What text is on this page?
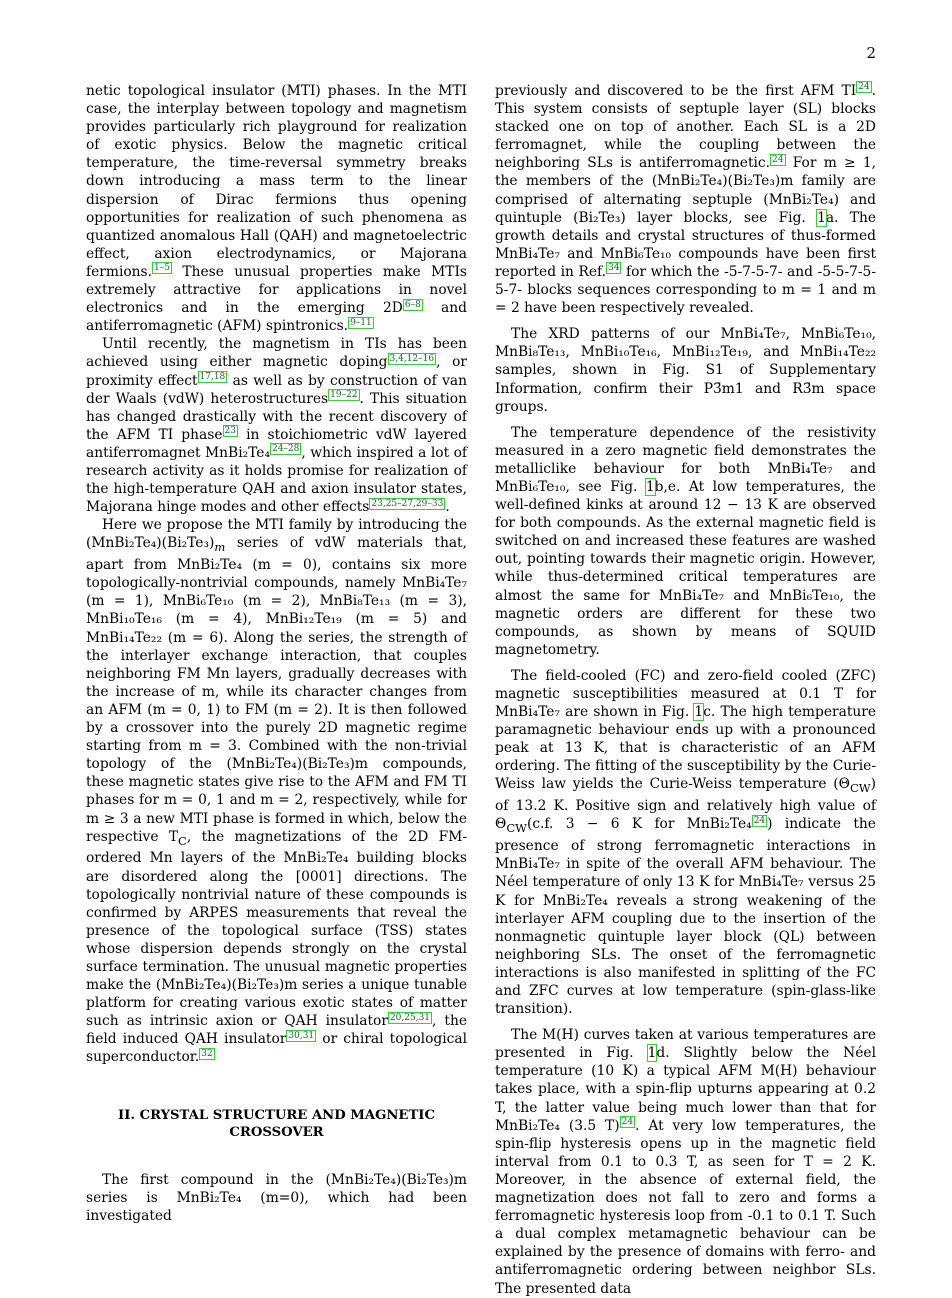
2

netic topological insulator (MTI) phases. In the MTI case, the interplay between topology and magnetism provides particularly rich playground for realization of exotic physics. Below the magnetic critical temperature, the time-reversal symmetry breaks down introducing a mass term to the linear dispersion of Dirac fermions thus opening opportunities for realization of such phenomena as quantized anomalous Hall (QAH) and magnetoelectric effect, axion electrodynamics, or Majorana fermions. $^{1-5}$ These unusual properties make MTIs extremely attractive for applications in novel electronics and in the emerging 2D $^{6-8}$ and antiferromagnetic (AFM) spintronics. $^{9-11}$

Until recently, the magnetism in TIs has been achieved using either magnetic doping $^{3,4,12-16}$ , or proximity effect $^{17,18}$ as well as by construction of van der Waals (vdW) heterostructures $^{19-22}$ . This situation has changed drastically with the recent discovery of the AFM TI phase $^{23}$ in stoichiometric vdW layered antiferromagnet MnBi₂Te₄ $^{24-28}$ , which inspired a lot of research activity as it holds promise for realization of the high-temperature QAH and axion insulator states, Majorana hinge modes and other effects $^{23,25-27,29-33}$ .

Here we propose the MTI family by introducing the $(MnBi_2Te_4)(Bi_2Te_3)_m$ series of vdW materials that, apart from MnBi₂Te₄ (m = 0), contains six more topologically-nontrivial compounds, namely MnBi₄Te₇ (m = 1), MnBi₆Te₁₀ (m = 2), MnBi₈Te₁₃ (m = 3), MnBi₁₀Te₁₆ (m = 4), MnBi₁₂Te₁₉ (m = 5) and MnBi₁₄Te₂₂ (m = 6). Along the series, the strength of the interlayer exchange interaction, that couples neighboring FM Mn layers, gradually decreases with the increase of m, while its character changes from an AFM (m = 0, 1) to FM (m = 2). It is then followed by a crossover into the purely 2D magnetic regime starting from m = 3. Combined with the non-trivial topology of the (MnBi₂Te₄)(Bi₂Te₃)m compounds, these magnetic states give rise to the AFM and FM TI phases for m = 0, 1 and m = 2, respectively, while for m ≥ 3 a new MTI phase is formed in which, below the respective $T_C$, the magnetizations of the 2D FM-ordered Mn layers of the MnBi₂Te₄ building blocks are disordered along the [0001] directions. The topologically nontrivial nature of these compounds is confirmed by ARPES measurements that reveal the presence of the topological surface (TSS) states whose dispersion depends strongly on the crystal surface termination. The unusual magnetic properties make the (MnBi₂Te₄)(Bi₂Te₃)m series a unique tunable platform for creating various exotic states of matter such as intrinsic axion or QAH insulator $^{20,25,31}$ , the field induced QAH insulator $^{30,31}$ or chiral topological superconductor. $^{32}$

II. CRYSTAL STRUCTURE AND MAGNETIC CROSSOVER

The first compound in the (MnBi₂Te₄)(Bi₂Te₃)m series is MnBi₂Te₄ (m=0), which had been investigated

previously and discovered to be the first AFM TI $^{24}$ . This system consists of septuple layer (SL) blocks stacked one on top of another. Each SL is a 2D ferromagnet, while the coupling between the neighboring SLs is antiferromagnetic. $^{24}$ For m ≥ 1, the members of the (MnBi₂Te₄)(Bi₂Te₃)m family are comprised of alternating septuple (MnBi₂Te₄) and quintuple (Bi₂Te₃) layer blocks, see Fig. 1a. The growth details and crystal structures of thus-formed MnBi₄Te₇ and MnBi₆Te₁₀ compounds have been first reported in Ref. $^{34}$ for which the -5-7-5-7- and -5-5-7-5-5-7- blocks sequences corresponding to m = 1 and m = 2 have been respectively revealed.

The XRD patterns of our MnBi₄Te₇, MnBi₆Te₁₀, MnBi₈Te₁₃, MnBi₁₀Te₁₆, MnBi₁₂Te₁₉, and MnBi₁₄Te₂₂ samples, shown in Fig. S1 of Supplementary Information, confirm their P3̄m1 and R3̄m space groups.

The temperature dependence of the resistivity measured in a zero magnetic field demonstrates the metalliclike behaviour for both MnBi₄Te₇ and MnBi₆Te₁₀, see Fig. 1b,e. At low temperatures, the well-defined kinks at around 12 − 13 K are observed for both compounds. As the external magnetic field is switched on and increased these features are washed out, pointing towards their magnetic origin. However, while thus-determined critical temperatures are almost the same for MnBi₄Te₇ and MnBi₆Te₁₀, the magnetic orders are different for these two compounds, as shown by means of SQUID magnetometry.

The field-cooled (FC) and zero-field cooled (ZFC) magnetic susceptibilities measured at 0.1 T for MnBi₄Te₇ are shown in Fig. 1c. The high temperature paramagnetic behaviour ends up with a pronounced peak at 13 K, that is characteristic of an AFM ordering. The fitting of the susceptibility by the Curie-Weiss law yields the Curie-Weiss temperature $(\Theta_{CW})$ of 13.2 K. Positive sign and relatively high value of $\Theta_{CW}(c.f$. 3 − 6 K for MnBi₂Te₄ $^{24}$ ) indicate the presence of strong ferromagnetic interactions in MnBi₄Te₇ in spite of the overall AFM behaviour. The Néel temperature of only 13 K for MnBi₄Te₇ versus 25 K for MnBi₂Te₄ reveals a strong weakening of the interlayer AFM coupling due to the insertion of the nonmagnetic quintuple layer block (QL) between neighboring SLs. The onset of the ferromagnetic interactions is also manifested in splitting of the FC and ZFC curves at low temperature (spin-glass-like transition).

The M(H) curves taken at various temperatures are presented in Fig. 1d. Slightly below the Néel temperature (10 K) a typical AFM M(H) behaviour takes place, with a spin-flip upturns appearing at 0.2 T, the latter value being much lower than that for MnBi₂Te₄ (3.5 T) $^{24}$ . At very low temperatures, the spin-flip hysteresis opens up in the magnetic field interval from 0.1 to 0.3 T, as seen for T = 2 K. Moreover, in the absence of external field, the magnetization does not fall to zero and forms a ferromagnetic hysteresis loop from -0.1 to 0.1 T. Such a dual complex metamagnetic behaviour can be explained by the presence of domains with ferro- and antiferromagnetic ordering between neighbor SLs. The presented data
